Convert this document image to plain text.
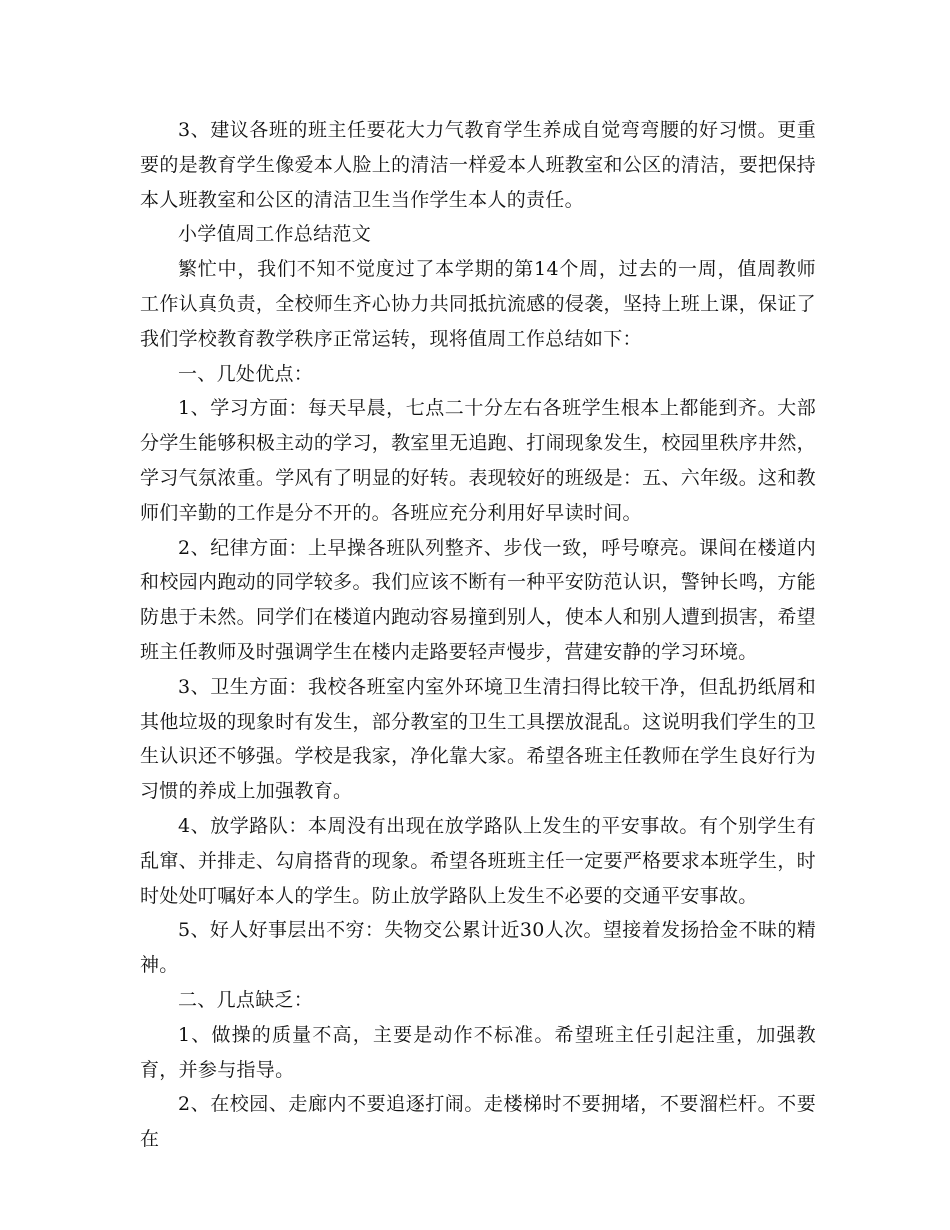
3、建议各班的班主任要花大力气教育学生养成自觉弯弯腰的好习惯。更重要的是教育学生像爱本人脸上的清洁一样爱本人班教室和公区的清洁，要把保持本人班教室和公区的清洁卫生当作学生本人的责任。

小学值周工作总结范文

繁忙中，我们不知不觉度过了本学期的第14个周，过去的一周，值周教师工作认真负责，全校师生齐心协力共同抵抗流感的侵袭，坚持上班上课，保证了我们学校教育教学秩序正常运转，现将值周工作总结如下：

一、几处优点：

1、学习方面：每天早晨，七点二十分左右各班学生根本上都能到齐。大部分学生能够积极主动的学习，教室里无追跑、打闹现象发生，校园里秩序井然，学习气氛浓重。学风有了明显的好转。表现较好的班级是：五、六年级。这和教师们辛勤的工作是分不开的。各班应充分利用好早读时间。

2、纪律方面：上早操各班队列整齐、步伐一致，呼号嘹亮。课间在楼道内和校园内跑动的同学较多。我们应该不断有一种平安防范认识，警钟长鸣，方能防患于未然。同学们在楼道内跑动容易撞到别人，使本人和别人遭到损害，希望班主任教师及时强调学生在楼内走路要轻声慢步，营建安静的学习环境。

3、卫生方面：我校各班室内室外环境卫生清扫得比较干净，但乱扔纸屑和其他垃圾的现象时有发生，部分教室的卫生工具摆放混乱。这说明我们学生的卫生认识还不够强。学校是我家，净化靠大家。希望各班主任教师在学生良好行为习惯的养成上加强教育。

4、放学路队：本周没有出现在放学路队上发生的平安事故。有个别学生有乱窜、并排走、勾肩搭背的现象。希望各班班主任一定要严格要求本班学生，时时处处叮嘱好本人的学生。防止放学路队上发生不必要的交通平安事故。

5、好人好事层出不穷：失物交公累计近30人次。望接着发扬拾金不昧的精神。

二、几点缺乏：

1、做操的质量不高，主要是动作不标准。希望班主任引起注重，加强教育，并参与指导。

2、在校园、走廊内不要追逐打闹。走楼梯时不要拥堵，不要溜栏杆。不要在
